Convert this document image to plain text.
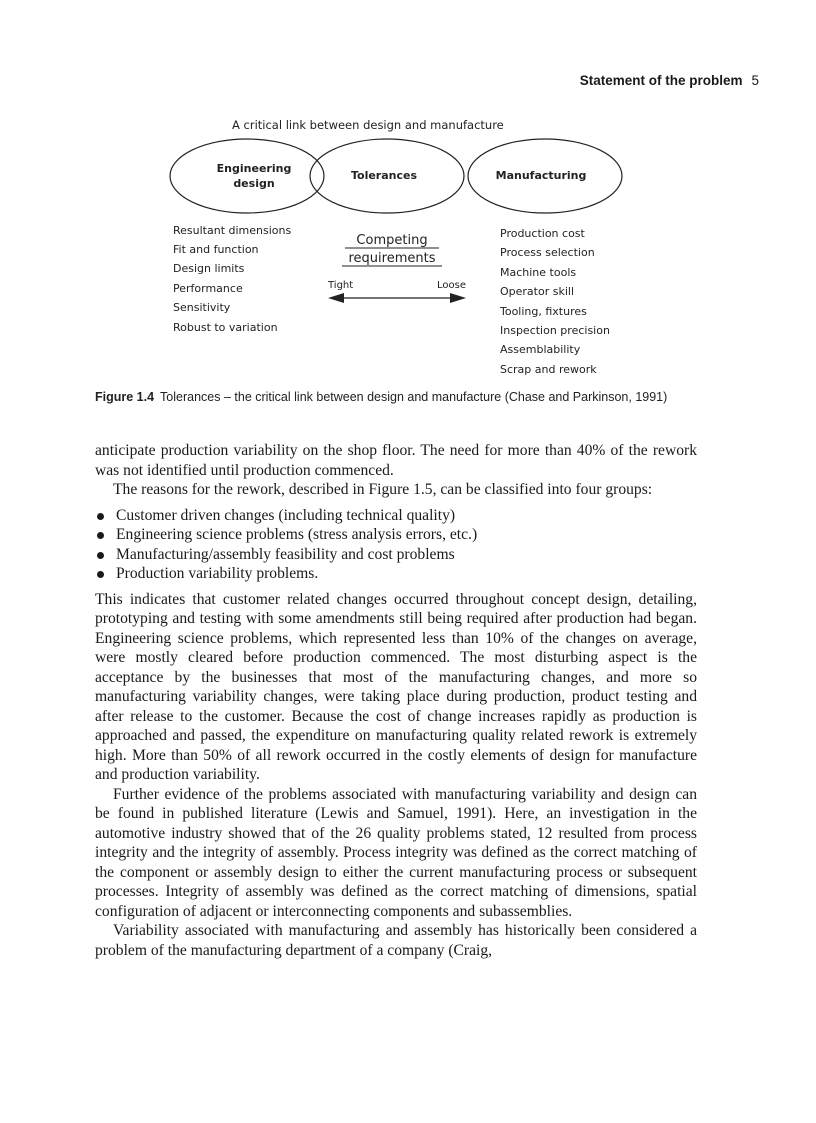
Statement of the problem 5
A critical link between design and manufacture
Engineering
design
Tolerances	Manufacturing
Resultant dimensions
Fit and function
Design limits
Performance
Sensitivity
Robust to variation
Competing
requirements
Tight	Loose
Production cost
Process selection
Machine tools
Operator skill
Tooling, fixtures
Inspection precision
Assemblability
Scrap and rework
Figure 1.4 Tolerances – the critical link between design and manufacture (Chase and Parkinson, 1991)

anticipate production variability on the shop floor. The need for more than 40% of the rework was not identified until production commenced.

The reasons for the rework, described in Figure 1.5, can be classified into four groups:

Customer driven changes (including technical quality)
Engineering science problems (stress analysis errors, etc.)
Manufacturing/assembly feasibility and cost problems
Production variability problems.

This indicates that customer related changes occurred throughout concept design, detailing, prototyping and testing with some amendments still being required after production had began. Engineering science problems, which represented less than 10% of the changes on average, were mostly cleared before production commenced. The most disturbing aspect is the acceptance by the businesses that most of the manufacturing changes, and more so manufacturing variability changes, were taking place during production, product testing and after release to the customer. Because the cost of change increases rapidly as production is approached and passed, the expenditure on manufacturing quality related rework is extremely high. More than 50% of all rework occurred in the costly elements of design for manufacture and production variability.

Further evidence of the problems associated with manufacturing variability and design can be found in published literature (Lewis and Samuel, 1991). Here, an investigation in the automotive industry showed that of the 26 quality problems stated, 12 resulted from process integrity and the integrity of assembly. Process integrity was defined as the correct matching of the component or assembly design to either the current manufacturing process or subsequent processes. Integrity of assembly was defined as the correct matching of dimensions, spatial configuration of adjacent or interconnecting components and subassemblies.

Variability associated with manufacturing and assembly has historically been considered a problem of the manufacturing department of a company (Craig,
